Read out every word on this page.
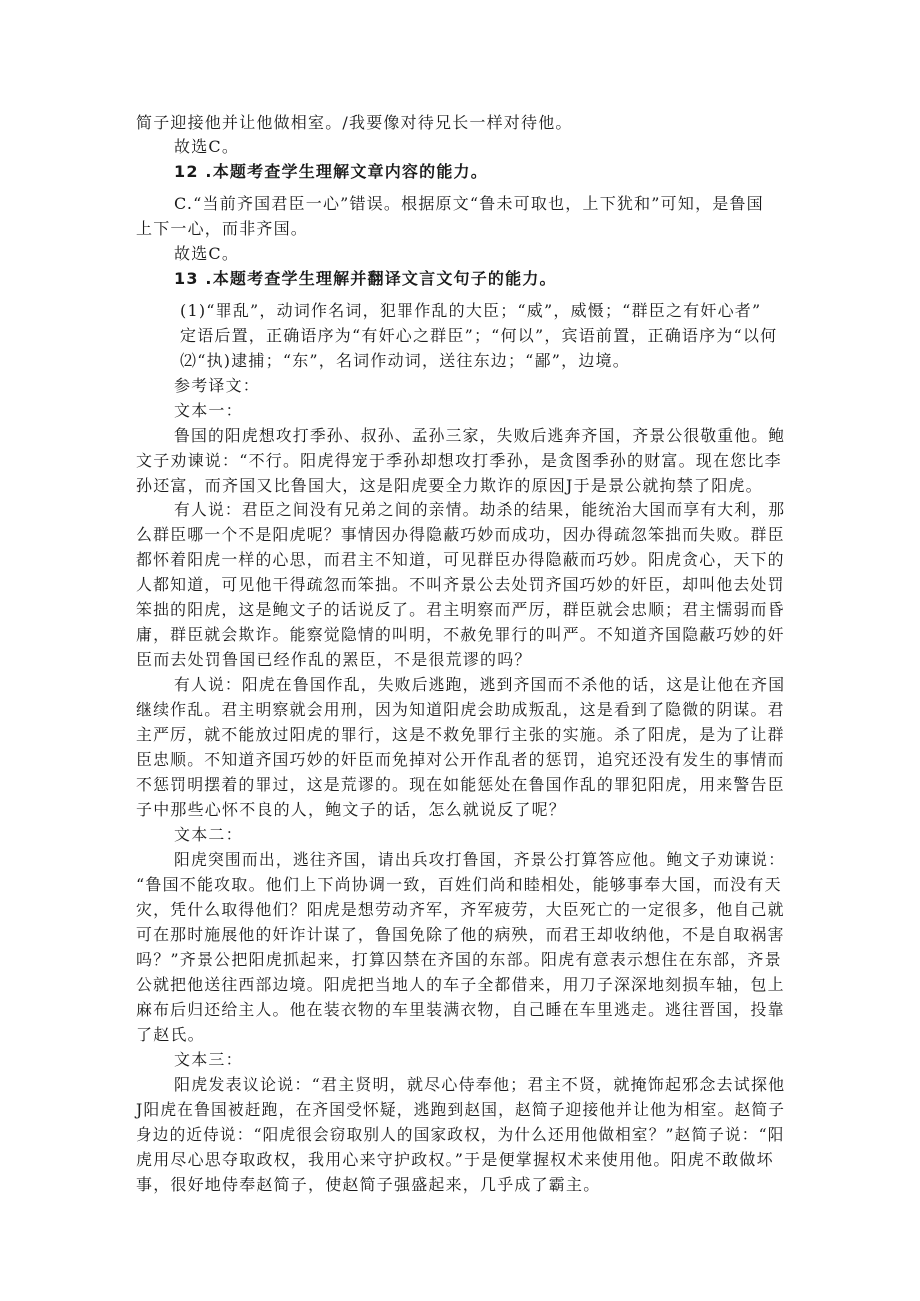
简子迎接他并让他做相室。/我要像对待兄长一样对待他。
故选C。
12 .本题考查学生理解文章内容的能力。
C.“当前齐国君臣一心”错误。根据原文“鲁未可取也，上下犹和”可知，是鲁国
上下一心，而非齐国。
故选C。
13 .本题考查学生理解并翻译文言文句子的能力。
(1)“罪乱”，动词作名词，犯罪作乱的大臣；“威”，威慑；“群臣之有奸心者”
定语后置，正确语序为“有奸心之群臣”；“何以”，宾语前置，正确语序为“以何
⑵“执)逮捕；“东”，名词作动词，送往东边；“鄙”，边境。
参考译文：
文本一：
鲁国的阳虎想攻打季孙、叔孙、孟孙三家，失败后逃奔齐国，齐景公很敬重他。鲍
文子劝谏说：“不行。阳虎得宠于季孙却想攻打季孙，是贪图季孙的财富。现在您比李
孙还富，而齐国又比鲁国大，这是阳虎要全力欺诈的原因J于是景公就拘禁了阳虎。
有人说：君臣之间没有兄弟之间的亲情。劫杀的结果，能统治大国而享有大利，那
么群臣哪一个不是阳虎呢？事情因办得隐蔽巧妙而成功，因办得疏忽笨拙而失败。群臣
都怀着阳虎一样的心思，而君主不知道，可见群臣办得隐蔽而巧妙。阳虎贪心，天下的
人都知道，可见他干得疏忽而笨拙。不叫齐景公去处罚齐国巧妙的奸臣，却叫他去处罚
笨拙的阳虎，这是鲍文子的话说反了。君主明察而严厉，群臣就会忠顺；君主懦弱而昏
庸，群臣就会欺诈。能察觉隐情的叫明，不赦免罪行的叫严。不知道齐国隐蔽巧妙的奸
臣而去处罚鲁国已经作乱的罴臣，不是很荒谬的吗？
有人说：阳虎在鲁国作乱，失败后逃跑，逃到齐国而不杀他的话，这是让他在齐国
继续作乱。君主明察就会用刑，因为知道阳虎会助成叛乱，这是看到了隐微的阴谋。君
主严厉，就不能放过阳虎的罪行，这是不救免罪行主张的实施。杀了阳虎，是为了让群
臣忠顺。不知道齐国巧妙的奸臣而免掉对公开作乱者的惩罚，追究还没有发生的事情而
不惩罚明摆着的罪过，这是荒谬的。现在如能惩处在鲁国作乱的罪犯阳虎，用来警告臣
子中那些心怀不良的人，鲍文子的话，怎么就说反了呢？
文本二：
阳虎突围而出，逃往齐国，请出兵攻打鲁国，齐景公打算答应他。鲍文子劝谏说：
“鲁国不能攻取。他们上下尚协调一致，百姓们尚和睦相处，能够事奉大国，而没有天
灾，凭什么取得他们？阳虎是想劳动齐军，齐军疲劳，大臣死亡的一定很多，他自己就
可在那时施展他的奸诈计谋了，鲁国免除了他的病殃，而君王却收纳他，不是自取祸害
吗？”齐景公把阳虎抓起来，打算囚禁在齐国的东部。阳虎有意表示想住在东部，齐景
公就把他送往西部边境。阳虎把当地人的车子全都借来，用刀子深深地刻损车轴，包上
麻布后归还给主人。他在装衣物的车里装满衣物，自己睡在车里逃走。逃往晋国，投靠
了赵氏。
文本三：
阳虎发表议论说：“君主贤明，就尽心侍奉他；君主不贤，就掩饰起邪念去试探他
J阳虎在鲁国被赶跑，在齐国受怀疑，逃跑到赵国，赵简子迎接他并让他为相室。赵简子
身边的近侍说：“阳虎很会窃取别人的国家政权，为什么还用他做相室？”赵简子说：“阳
虎用尽心思夺取政权，我用心来守护政权。”于是便掌握权术来使用他。阳虎不敢做坏
事，很好地侍奉赵简子，使赵简子强盛起来，几乎成了霸主。
